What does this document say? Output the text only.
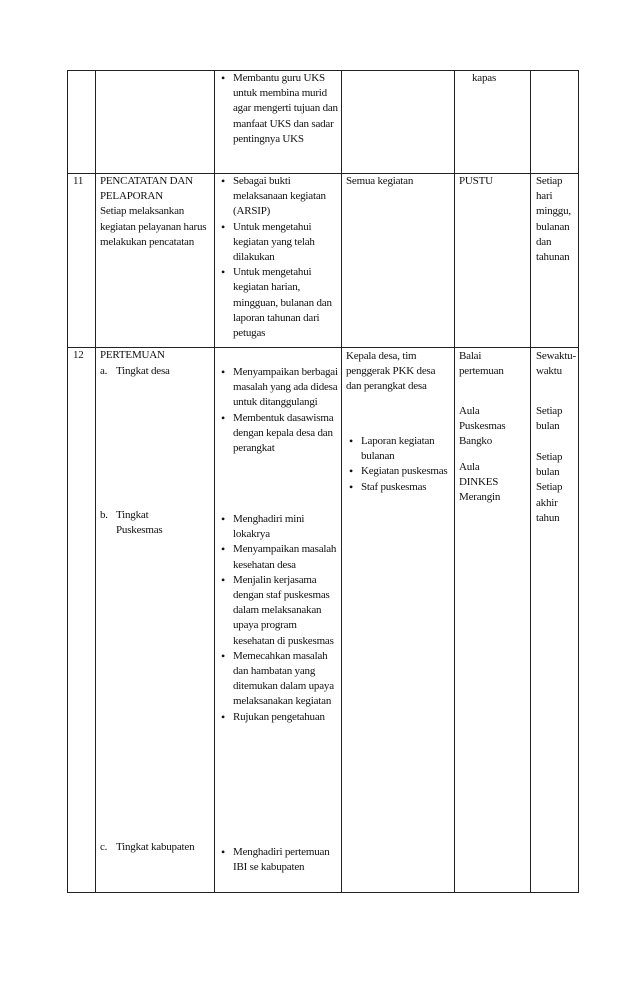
• Membantu guru UKS untuk membina murid agar mengerti tujuan dan manfaat UKS dan sadar pentingnya UKS
kapas
11 PENCATATAN DAN PELAPORAN
Setiap melaksankan kegiatan pelayanan harus melakukan pencatatan
• Sebagai bukti melaksanaan kegiatan (ARSIP)
• Untuk mengetahui kegiatan yang telah dilakukan
• Untuk mengetahui kegiatan harian, mingguan, bulanan dan laporan tahunan dari petugas
Semua kegiatan	PUSTU	Setiap hari minggu, bulanan dan tahunan
12 PERTEMUAN
a. Tingkat desa
b. Tingkat
Puskesmas
c. Tingkat kabupaten
• Menyampaikan berbagai masalah yang ada didesa untuk ditanggulangi
• Membentuk dasawisma dengan kepala desa dan perangkat
• Menghadiri mini lokakrya
• Menyampaikan masalah kesehatan desa
• Menjalin kerjasama dengan staf puskesmas dalam melaksanakan upaya program kesehatan di puskesmas
• Memecahkan masalah dan hambatan yang ditemukan dalam upaya melaksanakan kegiatan
• Rujukan pengetahuan
• Menghadiri pertemuan IBI se kabupaten
Kepala desa, tim penggerak PKK desa dan perangkat desa
• Laporan kegiatan bulanan
• Kegiatan puskesmas
• Staf puskesmas
Balai pertemuan
Aula Puskesmas Bangko
Aula DINKES Merangin
Sewaktu-waktu
Setiap bulan
Setiap bulan Setiap akhir tahun
